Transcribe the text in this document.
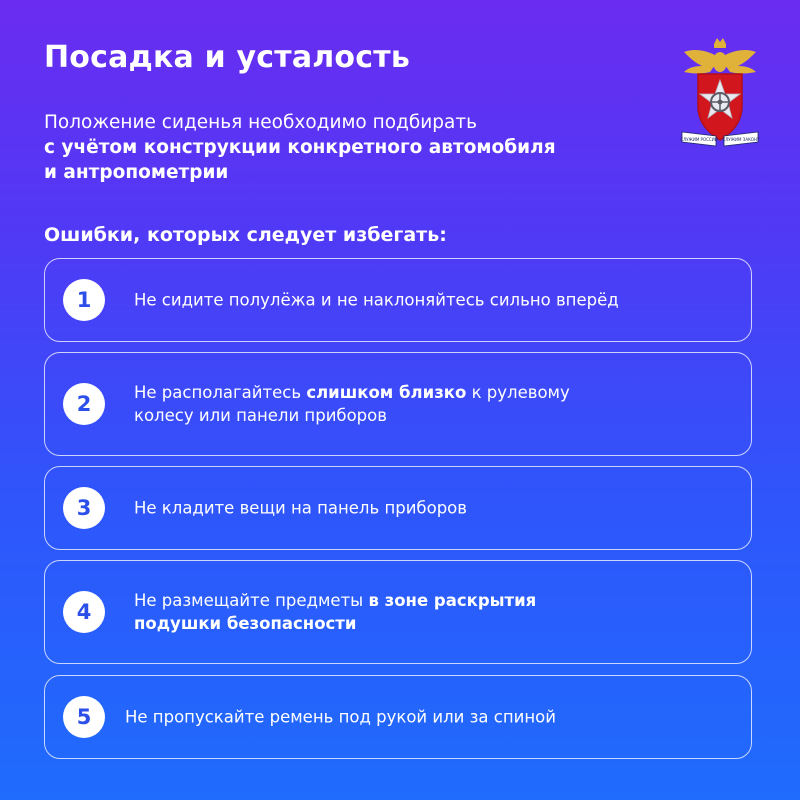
Посадка и усталость

Положение сиденья необходимо подбирать
с учётом конструкции конкретного автомобиля
и антропометрии

СЛУЖИМ РОССИИ СЛУЖИМ ЗАКОНУ
Ошибки, которых следует избегать:
1	Не сидите полулёжа и не наклоняйтесь сильно вперёд
2	Не располагайтесь слишком близко к рулевому
колесу или панели приборов
3	Не кладите вещи на панель приборов
4	Не размещайте предметы в зоне раскрытия
подушки безопасности
5	Не пропускайте ремень под рукой или за спиной
